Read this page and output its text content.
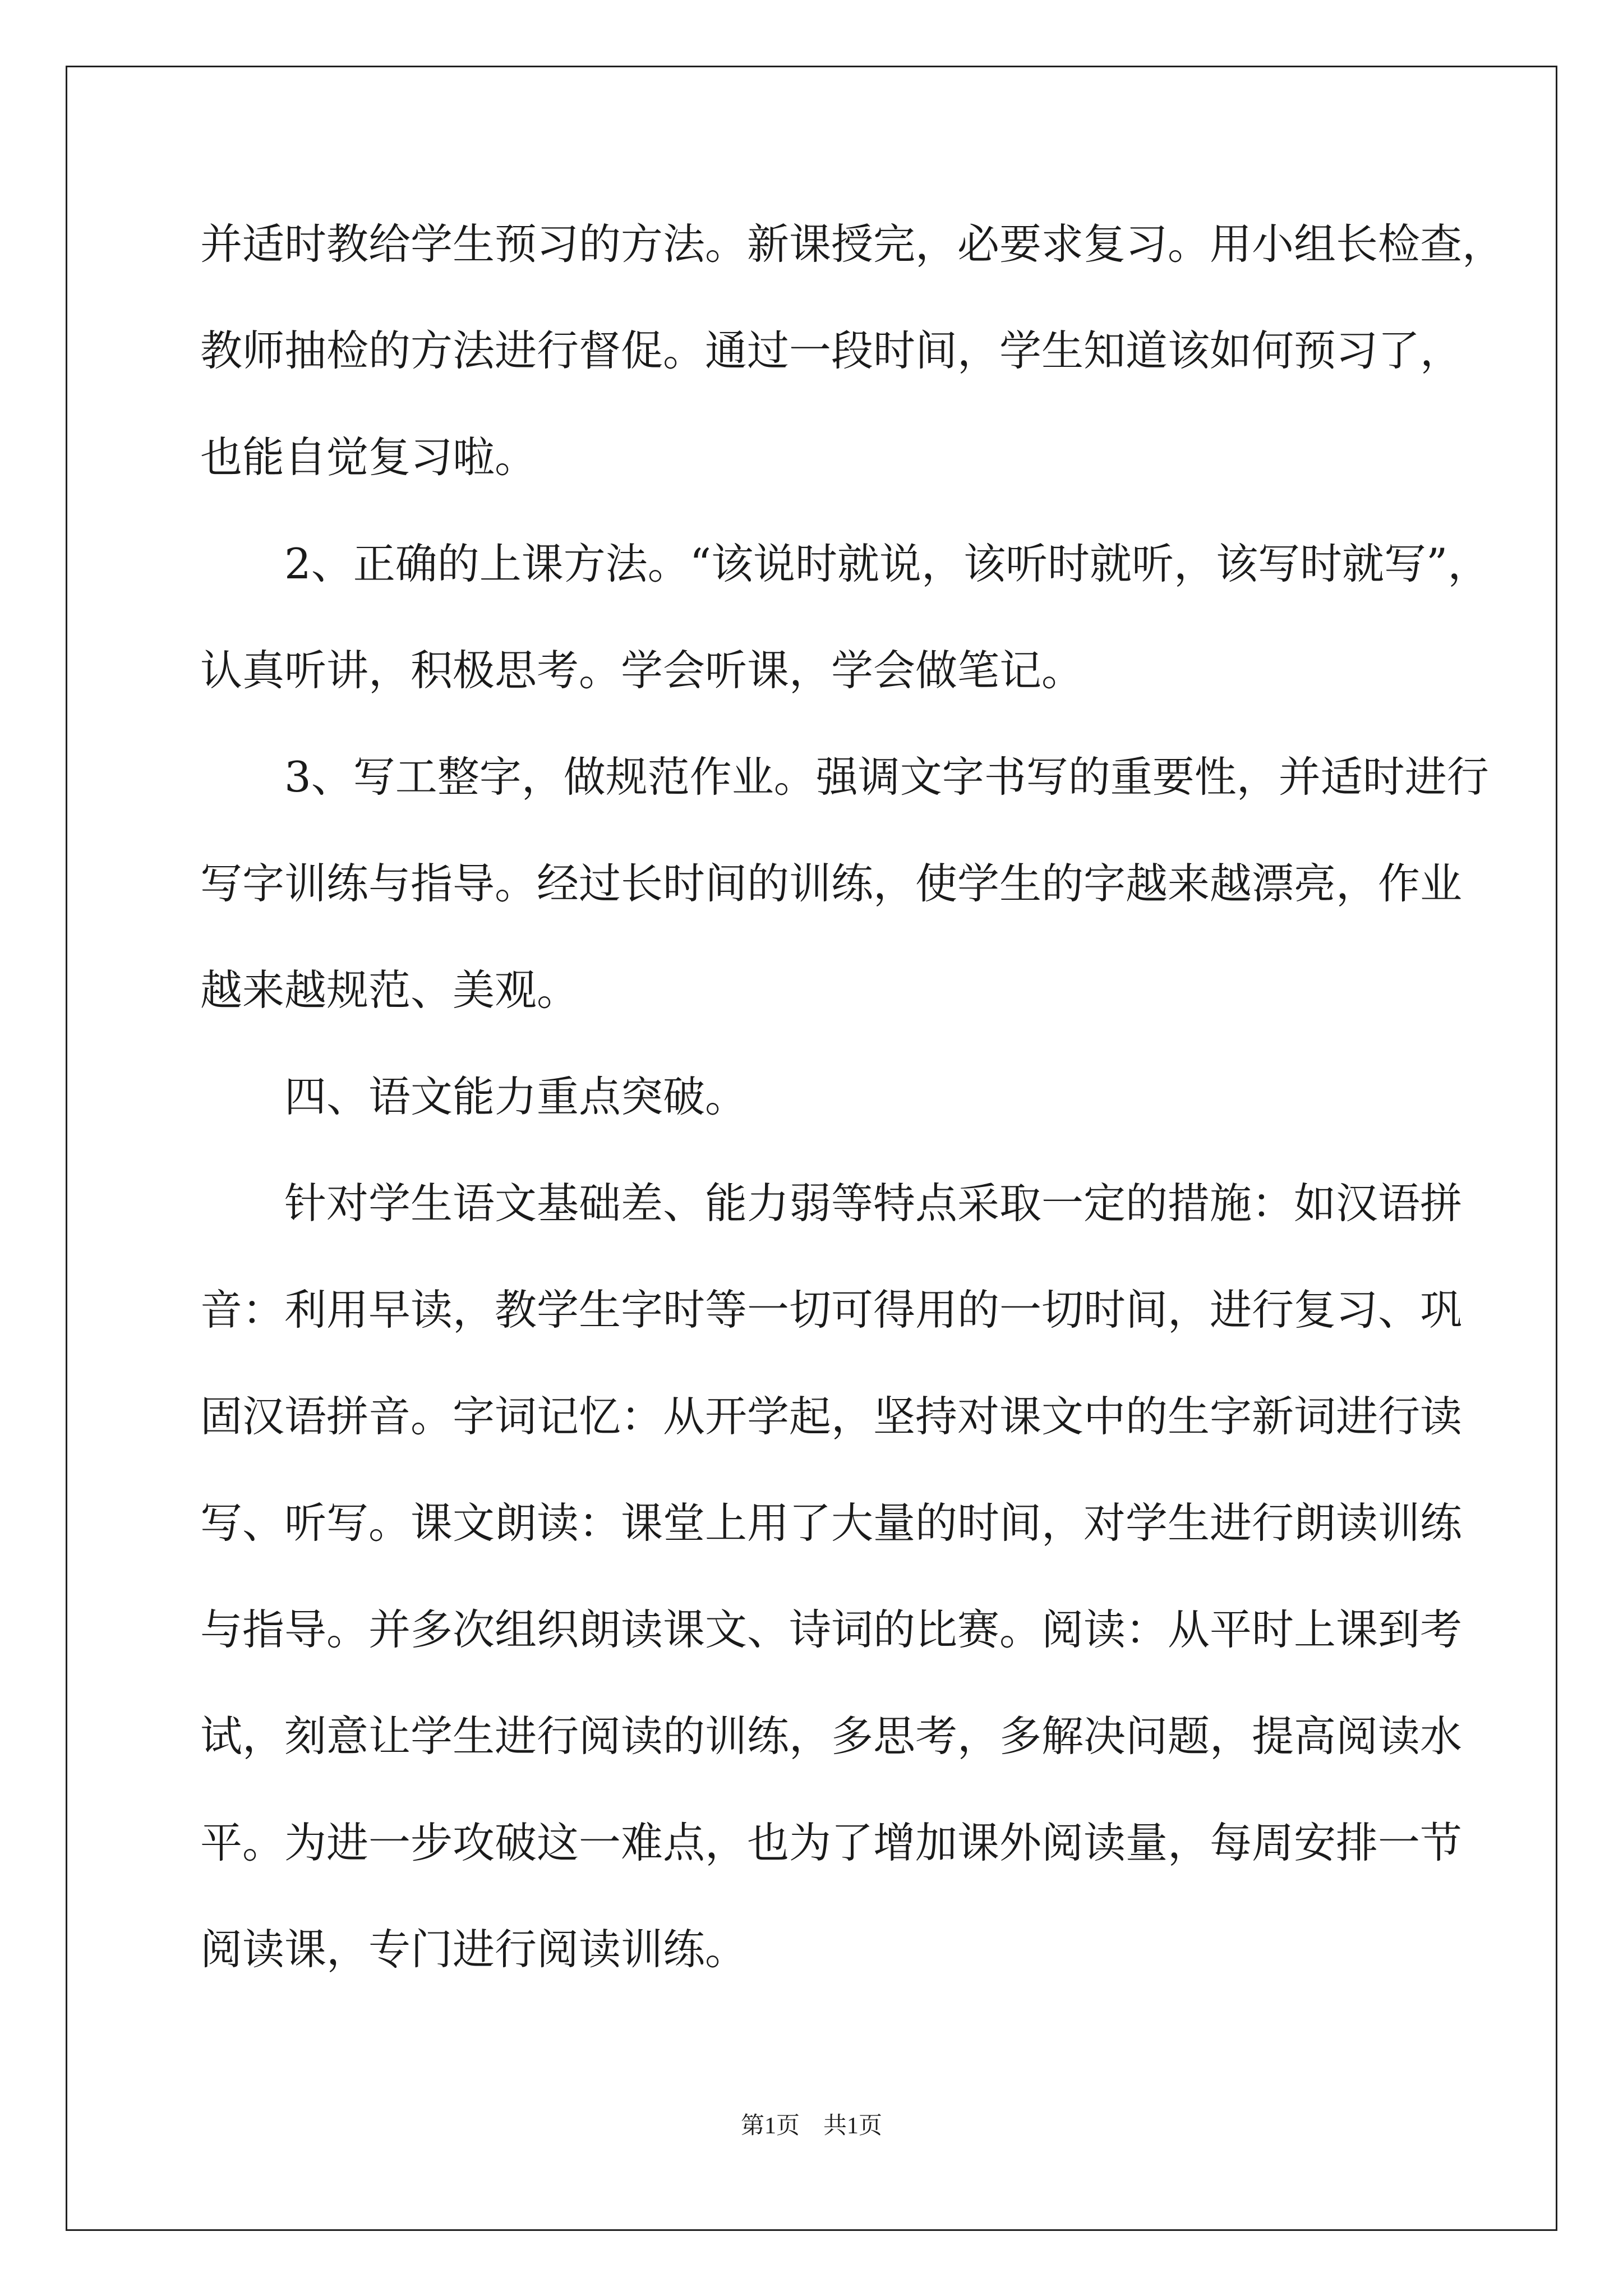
并适时教给学生预习的方法。新课授完，必要求复习。用小组长检查，
教师抽检的方法进行督促。通过一段时间，学生知道该如何预习了，
也能自觉复习啦。
　　2、正确的上课方法。“该说时就说，该听时就听，该写时就写”，
认真听讲，积极思考。学会听课，学会做笔记。
　　3、写工整字，做规范作业。强调文字书写的重要性，并适时进行
写字训练与指导。经过长时间的训练，使学生的字越来越漂亮，作业
越来越规范、美观。
　　四、语文能力重点突破。
　　针对学生语文基础差、能力弱等特点采取一定的措施：如汉语拼
音：利用早读，教学生字时等一切可得用的一切时间，进行复习、巩
固汉语拼音。字词记忆：从开学起，坚持对课文中的生字新词进行读
写、听写。课文朗读：课堂上用了大量的时间，对学生进行朗读训练
与指导。并多次组织朗读课文、诗词的比赛。阅读：从平时上课到考
试，刻意让学生进行阅读的训练，多思考，多解决问题，提高阅读水
平。为进一步攻破这一难点，也为了增加课外阅读量，每周安排一节
阅读课，专门进行阅读训练。
第1页　共1页
